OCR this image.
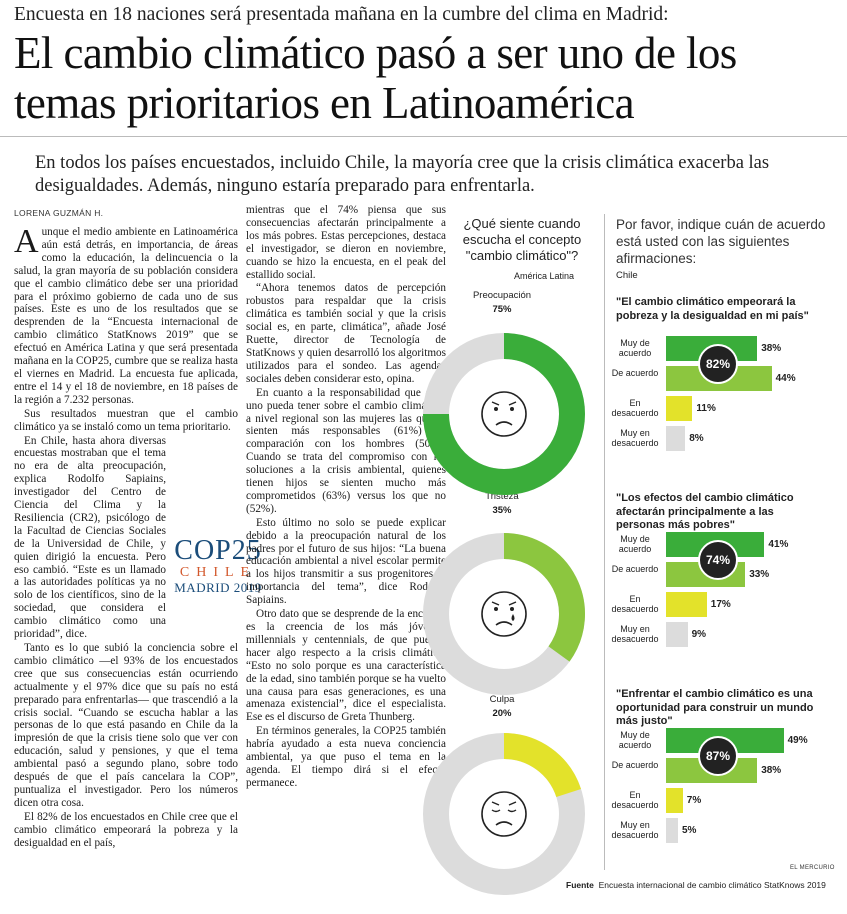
Encuesta en 18 naciones será presentada mañana en la cumbre del clima en Madrid:
El cambio climático pasó a ser uno de los temas prioritarios en Latinoamérica
En todos los países encuestados, incluido Chile, la mayoría cree que la crisis climática exacerba las desigualdades. Además, ninguno estaría preparado para enfrentarla.
LORENA GUZMÁN H.

Aunque el medio ambiente en Latinoamérica aún está detrás, en importancia, de áreas como la educación, la delincuencia o la salud, la gran mayoría de su población considera que el cambio climático debe ser una prioridad para el próximo gobierno de cada uno de sus países. Este es uno de los resultados que se desprenden de la “Encuesta internacional de cambio climático StatKnows 2019” que se efectuó en América Latina y que será presentada mañana en la COP25, cumbre que se realiza hasta el viernes en Madrid. La encuesta fue aplicada, entre el 14 y el 18 de noviembre, en 18 países de la región a 7.232 personas.

Sus resultados muestran que el cambio climático ya se instaló como un tema prioritario.

En Chile, hasta ahora diversas encuestas mostraban que el tema no era de alta preocupación, explica Rodolfo Sapiains, investigador del Centro de Ciencia del Clima y la Resiliencia (CR2), psicólogo de la Facultad de Ciencias Sociales de la Universidad de Chile, y quien dirigió la encuesta. Pero eso cambió. “Este es un llamado a las autoridades políticas ya no solo de los científicos, sino de la sociedad, que considera el cambio climático como una prioridad”, dice.

Tanto es lo que subió la conciencia sobre el cambio climático —el 93% de los encuestados cree que sus consecuencias están ocurriendo actualmente y el 97% dice que su país no está preparado para enfrentarlas— que trascendió a la crisis social. “Cuando se escucha hablar a las personas de lo que está pasando en Chile da la impresión de que la crisis tiene solo que ver con educación, salud y pensiones, y que el tema ambiental pasó a segundo plano, sobre todo después de que el país cancelara la COP”, puntualiza el investigador. Pero los números dicen otra cosa.

El 82% de los encuestados en Chile cree que el cambio climático empeorará la pobreza y la desigualdad en el país,

COP25
CHILE
MADRID 2019

mientras que el 74% piensa que sus consecuencias afectarán principalmente a los más pobres. Estas percepciones, destaca el investigador, se dieron en noviembre, cuando se hizo la encuesta, en el peak del estallido social.

“Ahora tenemos datos de percepción robustos para respaldar que la crisis climática es también social y que la crisis social es, en parte, climática”, añade José Ruette, director de Tecnología de StatKnows y quien desarrolló los algoritmos utilizados para el sondeo. Las agendas sociales deben considerar esto, opina.

En cuanto a la responsabilidad que cada uno pueda tener sobre el cambio climático, a nivel regional son las mujeres las que se sienten más responsables (61%) en comparación con los hombres (50%). Cuando se trata del compromiso con las soluciones a la crisis ambiental, quienes tienen hijos se sienten mucho más comprometidos (63%) versus los que no (52%).

Esto último no solo se puede explicar debido a la preocupación natural de los padres por el futuro de sus hijos: “La buena educación ambiental a nivel escolar permite a los hijos transmitir a sus progenitores la importancia del tema”, dice Rodolfo Sapiains.

Otro dato que se desprende de la encuesta es la creencia de los más jóvenes, millennials y centennials, de que pueden hacer algo respecto a la crisis climática. “Esto no solo porque es una característica de la edad, sino también porque se ha vuelto una causa para esas generaciones, es una amenaza existencial”, dice el especialista. Ese es el discurso de Greta Thunberg.

En términos generales, la COP25 también habría ayudado a esta nueva conciencia ambiental, ya que puso el tema en la agenda. El tiempo dirá si el efecto permanece.

¿Qué siente cuando escucha el concepto "cambio climático"?
América Latina
Preocupación
75%
Tristeza
35%
Culpa
20%
Por favor, indique cuán de acuerdo está usted con las siguientes afirmaciones:
Chile
"El cambio climático empeorará la pobreza y la desigualdad en mi país"
"Los efectos del cambio climático afectarán principalmente a las personas más pobres"
"Enfrentar el cambio climático es una oportunidad para construir un mundo más justo"
Muy de acuerdo	38%
De acuerdo	44%
En desacuerdo	11%
Muy en desacuerdo	8%
82%
Muy de acuerdo	41%
De acuerdo	33%
En desacuerdo	17%
Muy en desacuerdo	9%
74%
Muy de acuerdo	49%
De acuerdo	38%
En desacuerdo	7%
Muy en desacuerdo	5%
87%
EL MERCURIO
Fuente Encuesta internacional de cambio climático StatKnows 2019
